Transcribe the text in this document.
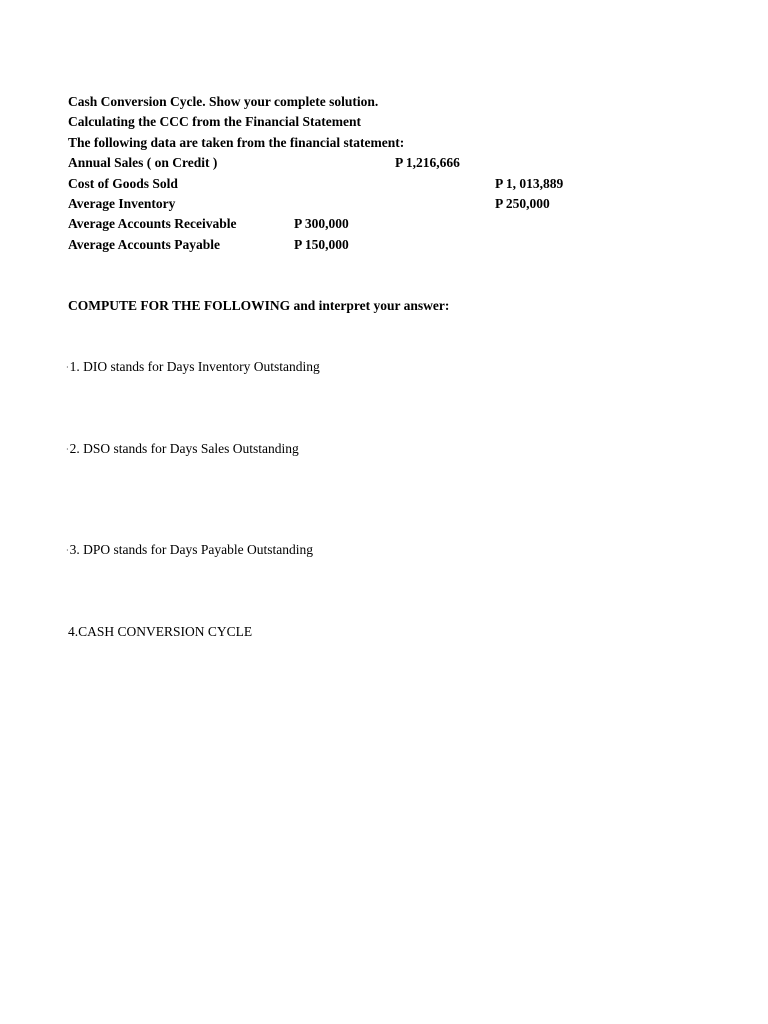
Cash Conversion Cycle. Show your complete solution.
Calculating the CCC from the Financial Statement
The following data are taken from the financial statement:
Annual Sales ( on Credit )	P 1,216,666
Cost of Goods Sold	P 1, 013,889
Average Inventory	P 250,000
Average Accounts Receivable	P 300,000
Average Accounts Payable	P 150,000
COMPUTE FOR THE FOLLOWING and interpret your answer:
·1. DIO stands for Days Inventory Outstanding
·2. DSO stands for Days Sales Outstanding
·3. DPO stands for Days Payable Outstanding
4.CASH CONVERSION CYCLE
